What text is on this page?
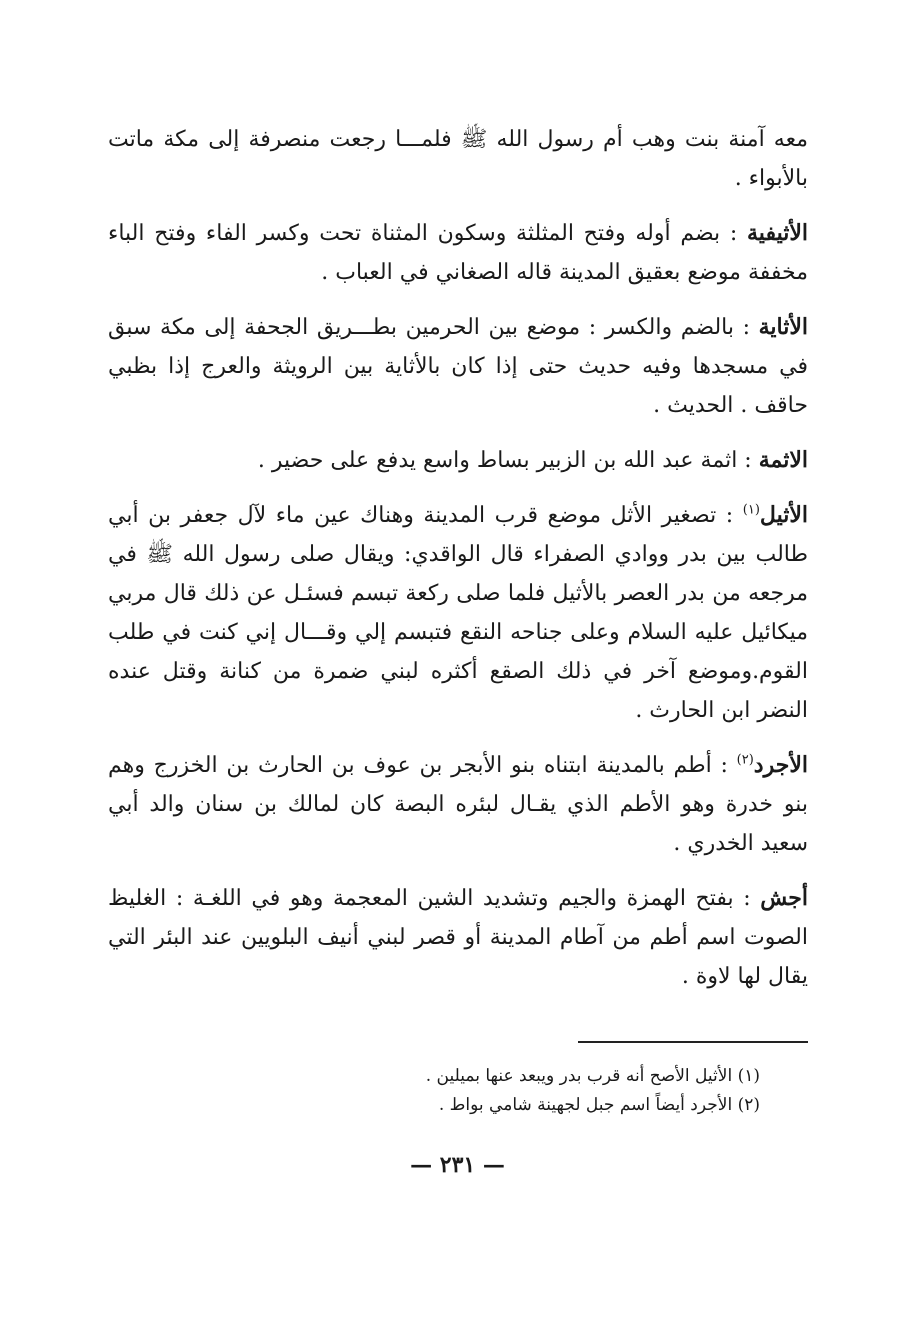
معه آمنة بنت وهب أم رسول الله ﷺ فلمـــا رجعت منصرفة إلى مكة ماتت بالأبواء .

الأثيفية : بضم أوله وفتح المثلثة وسكون المثناة تحت وكسر الفاء وفتح الباء مخففة موضع بعقيق المدينة قاله الصغاني في العباب .

الأثاية : بالضم والكسر : موضع بين الحرمين بطـــريق الجحفة إلى مكة سبق في مسجدها وفيه حديث حتى إذا كان بالأثاية بين الرويثة والعرج إذا بظبي حاقف . الحديث .

الاثمة : اثمة عبد الله بن الزبير بساط واسع يدفع على حضير .

الأثيل$^{(١)}$ : تصغير الأثل موضع قرب المدينة وهناك عين ماء لآل جعفر بن أبي طالب بين بدر ووادي الصفراء قال الواقدي: ويقال صلى رسول الله ﷺ في مرجعه من بدر العصر بالأثيل فلما صلى ركعة تبسم فسئـل عن ذلك قال مربي ميكائيل عليه السلام وعلى جناحه النقع فتبسم إلي وقـــال إني كنت في طلب القوم.وموضع آخر في ذلك الصقع أكثره لبني ضمرة من كنانة وقتل عنده النضر ابن الحارث .

الأجرد$^{(٢)}$ : أطم بالمدينة ابتناه بنو الأبجر بن عوف بن الحارث بن الخزرج وهم بنو خدرة وهو الأطم الذي يقـال لبئره البصة كان لمالك بن سنان والد أبي سعيد الخدري .

أجش : بفتح الهمزة والجيم وتشديد الشين المعجمة وهو في اللغـة : الغليظ الصوت اسم أطم من آطام المدينة أو قصر لبني أنيف البلويين عند البئر التي يقال لها لاوة .

(١) الأثيل الأصح أنه قرب بدر ويبعد عنها بميلين .

(٢) الأجرد أيضاً اسم جبل لجهينة شامي بواط .

— ٢٣١ —
